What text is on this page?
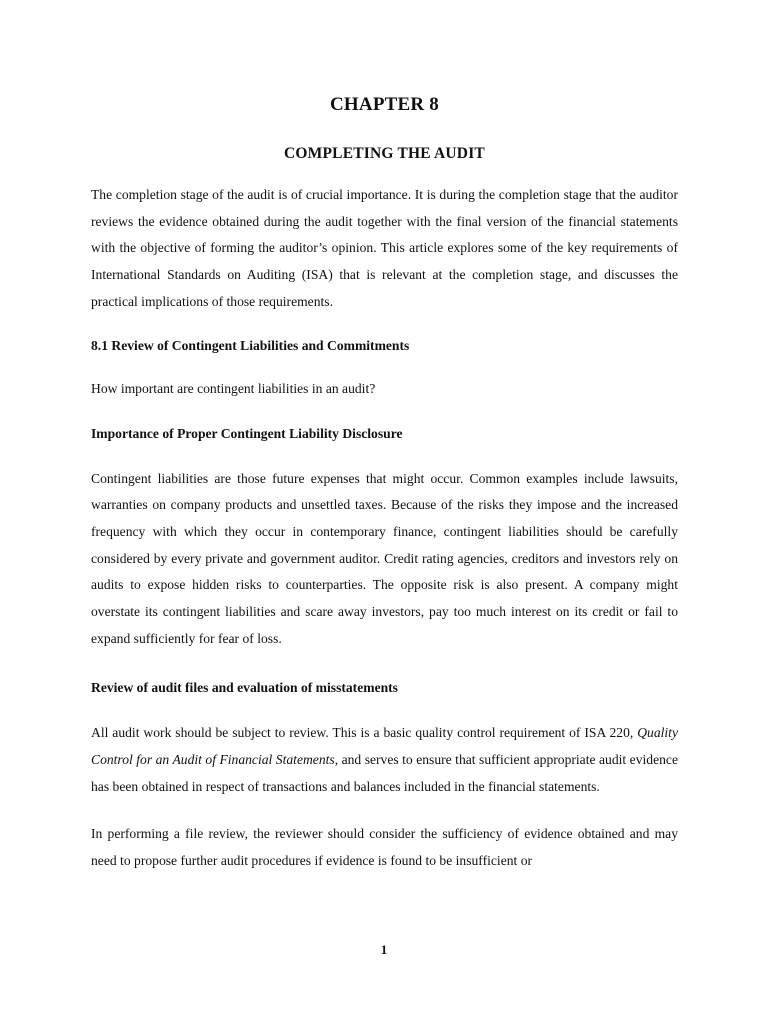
CHAPTER 8
COMPLETING THE AUDIT

The completion stage of the audit is of crucial importance. It is during the completion stage that the auditor reviews the evidence obtained during the audit together with the final version of the financial statements with the objective of forming the auditor’s opinion. This article explores some of the key requirements of International Standards on Auditing (ISA) that is relevant at the completion stage, and discusses the practical implications of those requirements.

8.1 Review of Contingent Liabilities and Commitments

How important are contingent liabilities in an audit?

Importance of Proper Contingent Liability Disclosure

Contingent liabilities are those future expenses that might occur. Common examples include lawsuits, warranties on company products and unsettled taxes. Because of the risks they impose and the increased frequency with which they occur in contemporary finance, contingent liabilities should be carefully considered by every private and government auditor. Credit rating agencies, creditors and investors rely on audits to expose hidden risks to counterparties. The opposite risk is also present. A company might overstate its contingent liabilities and scare away investors, pay too much interest on its credit or fail to expand sufficiently for fear of loss.

Review of audit files and evaluation of misstatements

All audit work should be subject to review. This is a basic quality control requirement of ISA 220, Quality Control for an Audit of Financial Statements, and serves to ensure that sufficient appropriate audit evidence has been obtained in respect of transactions and balances included in the financial statements.

In performing a file review, the reviewer should consider the sufficiency of evidence obtained and may need to propose further audit procedures if evidence is found to be insufficient or

1
